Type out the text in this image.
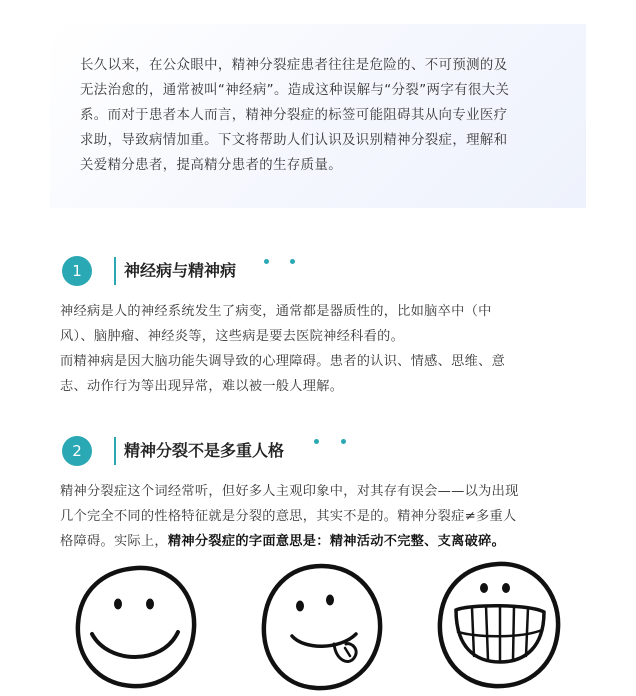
长久以来，在公众眼中，精神分裂症患者往往是危险的、不可预测的及

无法治愈的，通常被叫“神经病”。造成这种误解与“分裂”两字有很大关

系。而对于患者本人而言，精神分裂症的标签可能阻碍其从向专业医疗

求助，导致病情加重。下文将帮助人们认识及识别精神分裂症，理解和

关爱精分患者，提高精分患者的生存质量。

1	神经病与精神病

神经病是人的神经系统发生了病变，通常都是器质性的，比如脑卒中（中
风）、脑肿瘤、神经炎等，这些病是要去医院神经科看的。
而精神病是因大脑功能失调导致的心理障碍。患者的认识、情感、思维、意
志、动作行为等出现异常，难以被一般人理解。

2	精神分裂不是多重人格

精神分裂症这个词经常听，但好多人主观印象中，对其存有误会——以为出现
几个完全不同的性格特征就是分裂的意思，其实不是的。精神分裂症≠多重人
格障碍。实际上，精神分裂症的字面意思是：精神活动不完整、支离破碎。
